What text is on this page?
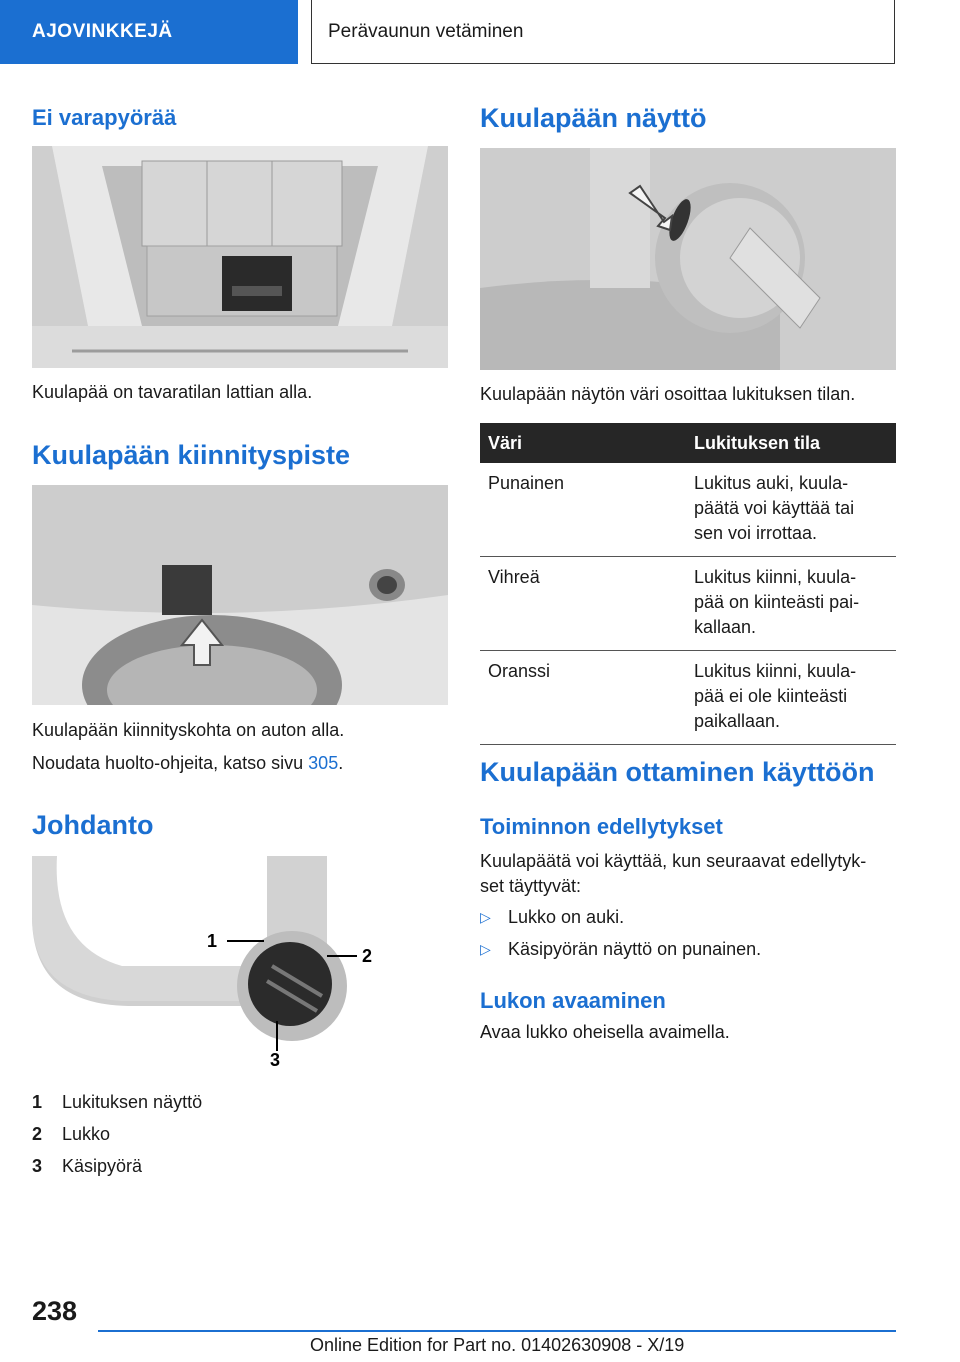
AJOVINKKEJÄ	Perävaunun vetäminen
Ei varapyörää

Kuulapää on tavaratilan lattian alla.

Kuulapään kiinnityspiste

Kuulapään kiinnityskohta on auton alla.

Noudata huolto-ohjeita, katso sivu 305.

Johdanto
1
2
3
1	Lukituksen näyttö
2	Lukko
3	Käsipyörä
Kuulapään näyttö

Kuulapään näytön väri osoittaa lukituksen tilan.

Väri	Lukituksen tila
Punainen	Lukitus auki, kuula-
päätä voi käyttää tai
sen voi irrottaa.

Vihreä	Lukitus kiinni, kuula-
pää on kiinteästi pai-
kallaan.

Oranssi	Lukitus kiinni, kuula-
pää ei ole kiinteästi
paikallaan.
Kuulapään ottaminen käyttöön
Toiminnon edellytykset

Kuulapäätä voi käyttää, kun seuraavat edellytyk-
set täyttyvät:

▷ Lukko on auki.
▷ Käsipyörän näyttö on punainen.
Lukon avaaminen

Avaa lukko oheisella avaimella.

238
Online Edition for Part no. 01402630908 - X/19
